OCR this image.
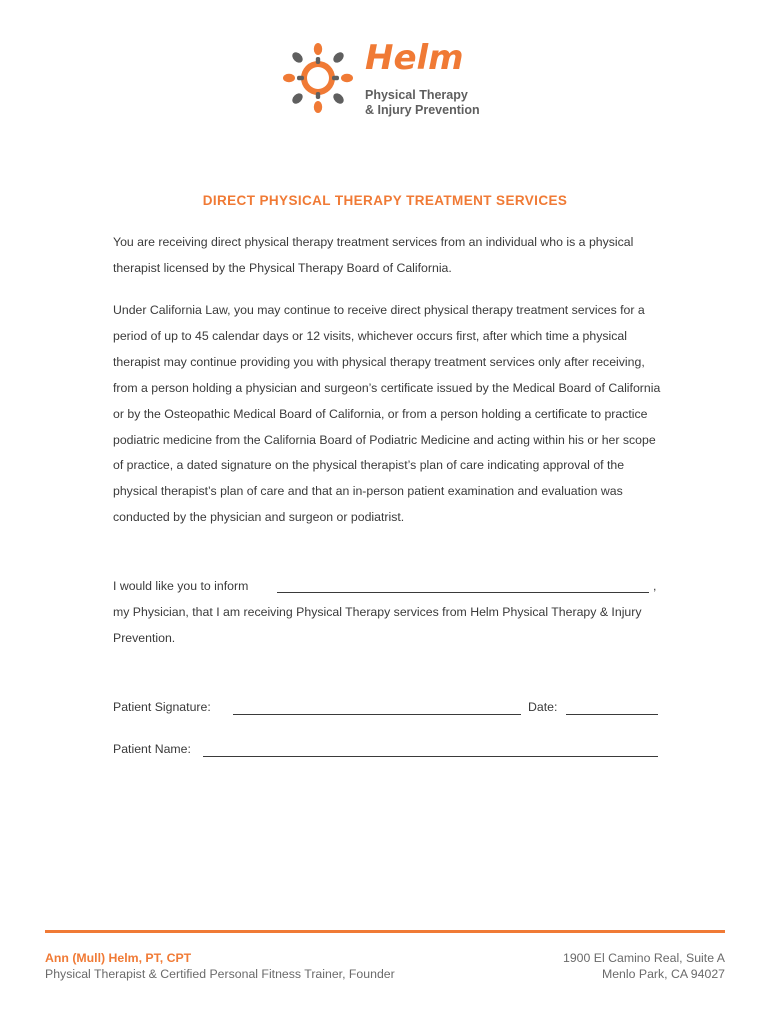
Helm
Physical Therapy
& Injury Prevention
DIRECT PHYSICAL THERAPY TREATMENT SERVICES

You are receiving direct physical therapy treatment services from an individual who is a physical therapist licensed by the Physical Therapy Board of California.

Under California Law, you may continue to receive direct physical therapy treatment services for a period of up to 45 calendar days or 12 visits, whichever occurs first, after which time a physical therapist may continue providing you with physical therapy treatment services only after receiving, from a person holding a physician and surgeon’s certificate issued by the Medical Board of California or by the Osteopathic Medical Board of California, or from a person holding a certificate to practice podiatric medicine from the California Board of Podiatric Medicine and acting within his or her scope of practice, a dated signature on the physical therapist’s plan of care indicating approval of the physical therapist’s plan of care and that an in-person patient examination and evaluation was conducted by the physician and surgeon or podiatrist.

I would like you to inform	,
my Physician, that I am receiving Physical Therapy services from Helm Physical Therapy & Injury Prevention.
Patient Signature:	Date:
Patient Name:
Ann (Mull) Helm, PT, CPT
Physical Therapist & Certified Personal Fitness Trainer, Founder
1900 El Camino Real, Suite A
Menlo Park, CA 94027
